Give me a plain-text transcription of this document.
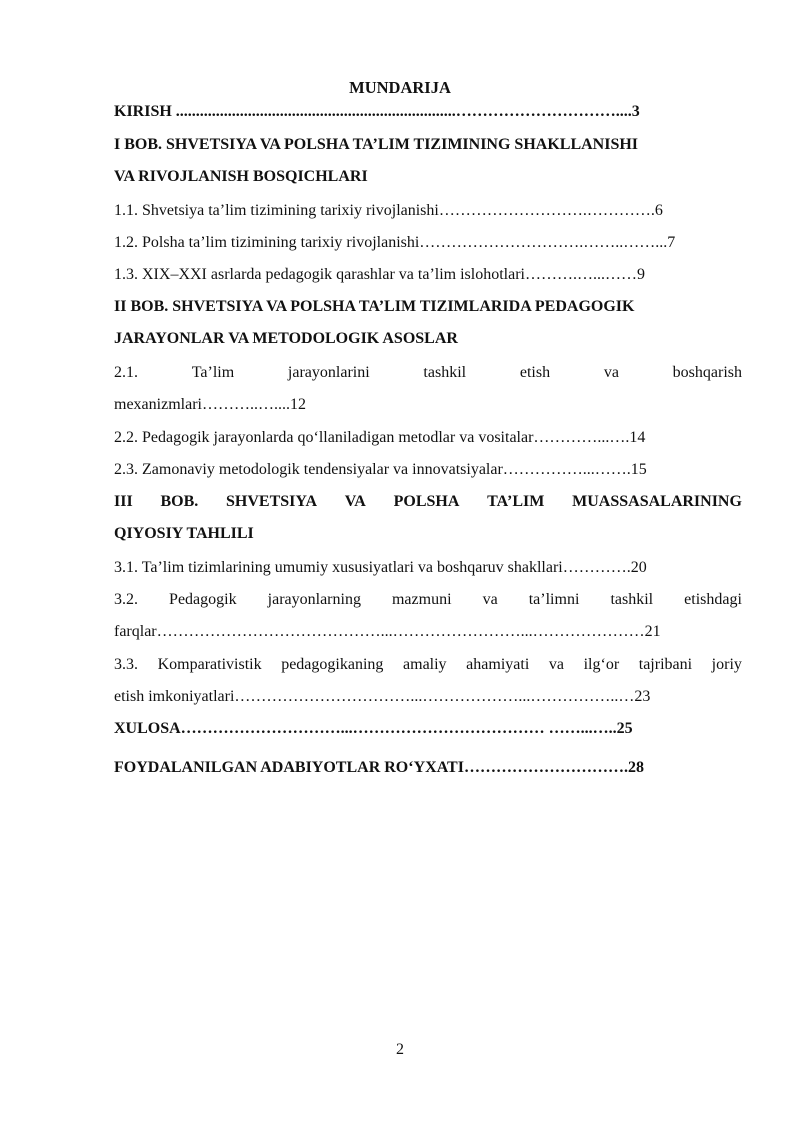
MUNDARIJA
KIRISH ......................................................................…………………………....3
I BOB. SHVETSIYA VA POLSHA TA’LIM TIZIMINING SHAKLLANISHI
VA RIVOJLANISH BOSQICHLARI
1.1. Shvetsiya ta’lim tizimining tarixiy rivojlanishi……………………….………….6
1.2. Polsha ta’lim tizimining tarixiy rivojlanishi………………………….……..……...7
1.3. XIX–XXI asrlarda pedagogik qarashlar va ta’lim islohotlari……….…...……9
II BOB. SHVETSIYA VA POLSHA TA’LIM TIZIMLARIDA PEDAGOGIK
JARAYONLAR VA METODOLOGIK ASOSLAR
2.1.	Ta’lim	jarayonlarini	tashkil	etish	va	boshqarish
mexanizmlari………..…....12
2.2. Pedagogik jarayonlarda qo‘llaniladigan metodlar va vositalar…………...….14
2.3. Zamonaviy metodologik tendensiyalar va innovatsiyalar……………...…….15
III BOB. SHVETSIYA VA POLSHA TA’LIM MUASSASALARINING
QIYOSIY TAHLILI
3.1. Ta’lim tizimlarining umumiy xususiyatlari va boshqaruv shakllari………….20
3.2. Pedagogik jarayonlarning mazmuni va ta’limni tashkil etishdagi
farqlar……………………………………...……………………...…………………21
3.3. Komparativistik pedagogikaning amaliy ahamiyati va ilg‘or tajribani joriy
etish imkoniyatlari……………………………...………………...……………..…23
XULOSA…………………………...……………………………… ……...…..25
FOYDALANILGAN ADABIYOTLAR RO‘YXATI………………………….28
2
